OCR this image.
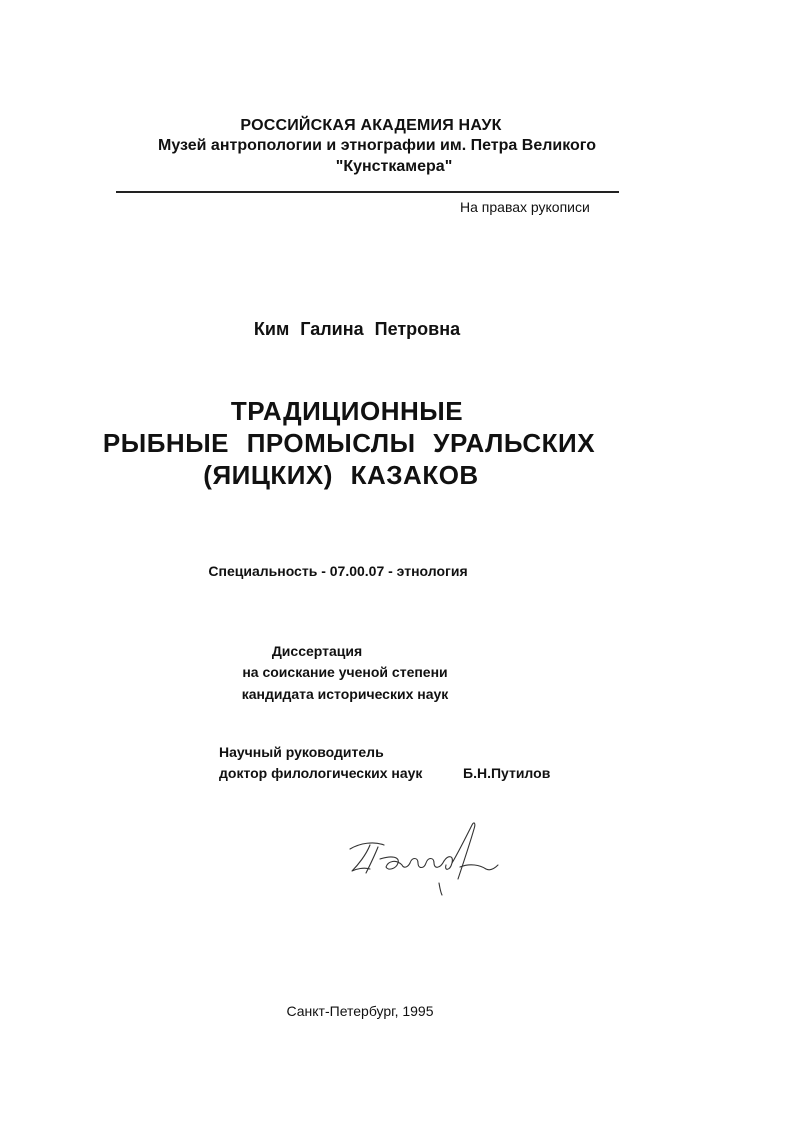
РОССИЙСКАЯ АКАДЕМИЯ НАУК
Музей антропологии и этнографии им. Петра Великого
"Кунсткамера"
На правах рукописи
Ким Галина Петровна
ТРАДИЦИОННЫЕ
РЫБНЫЕ ПРОМЫСЛЫ УРАЛЬСКИХ
(ЯИЦКИХ) КАЗАКОВ
Специальность - 07.00.07 - этнология
Диссертация
на соискание ученой степени
кандидата исторических наук
Научный руководитель
доктор филологических наук	Б.Н.Путилов
Санкт-Петербург, 1995
